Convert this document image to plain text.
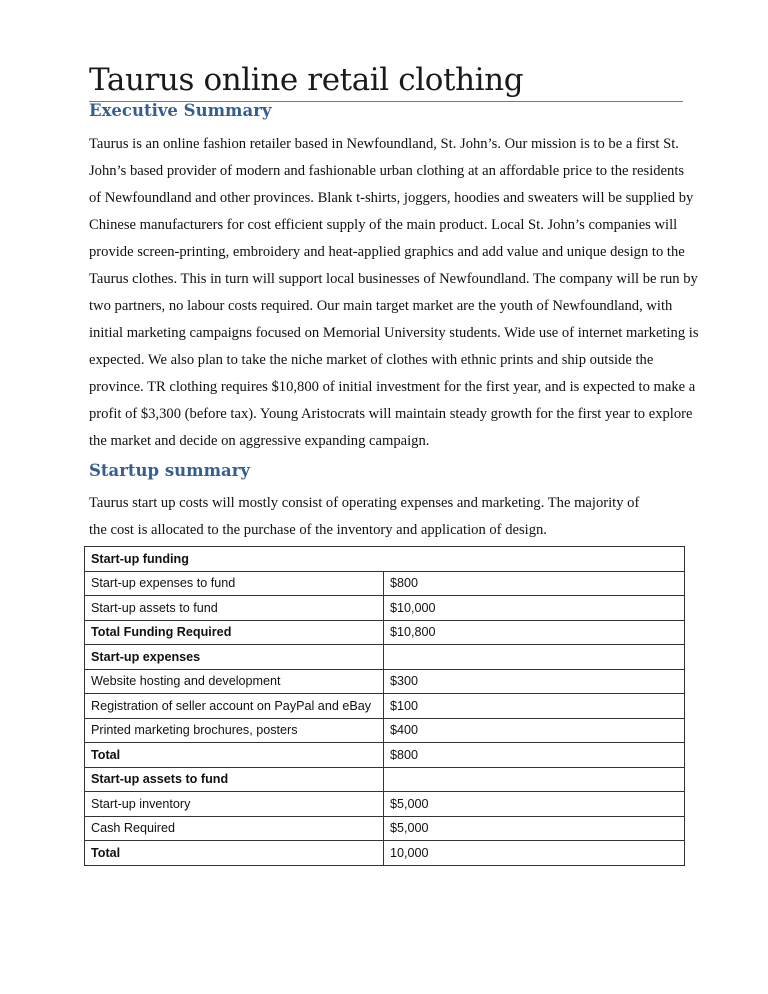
Taurus online retail clothing
Executive Summary

Taurus is an online fashion retailer based in Newfoundland, St. John’s. Our mission is to be a first St.
John’s based provider of modern and fashionable urban clothing at an affordable price to the residents
of Newfoundland and other provinces. Blank t-shirts, joggers, hoodies and sweaters will be supplied by
Chinese manufacturers for cost efficient supply of the main product. Local St. John’s companies will
provide screen-printing, embroidery and heat-applied graphics and add value and unique design to the
Taurus clothes. This in turn will support local businesses of Newfoundland. The company will be run by
two partners, no labour costs required. Our main target market are the youth of Newfoundland, with
initial marketing campaigns focused on Memorial University students. Wide use of internet marketing is
expected. We also plan to take the niche market of clothes with ethnic prints and ship outside the
province. TR clothing requires $10,800 of initial investment for the first year, and is expected to make a
profit of $3,300 (before tax). Young Aristocrats will maintain steady growth for the first year to explore
the market and decide on aggressive expanding campaign.

Startup summary

Taurus start up costs will mostly consist of operating expenses and marketing. The majority of
the cost is allocated to the purchase of the inventory and application of design.

Start-up funding	
Start-up expenses to fund	$800
Start-up assets to fund	$10,000
Total Funding Required	$10,800
Start-up expenses	
Website hosting and development	$300
Registration of seller account on PayPal and eBay	$100
Printed marketing brochures, posters	$400
Total	$800
Start-up assets to fund	
Start-up inventory	$5,000
Cash Required	$5,000
Total	10,000
